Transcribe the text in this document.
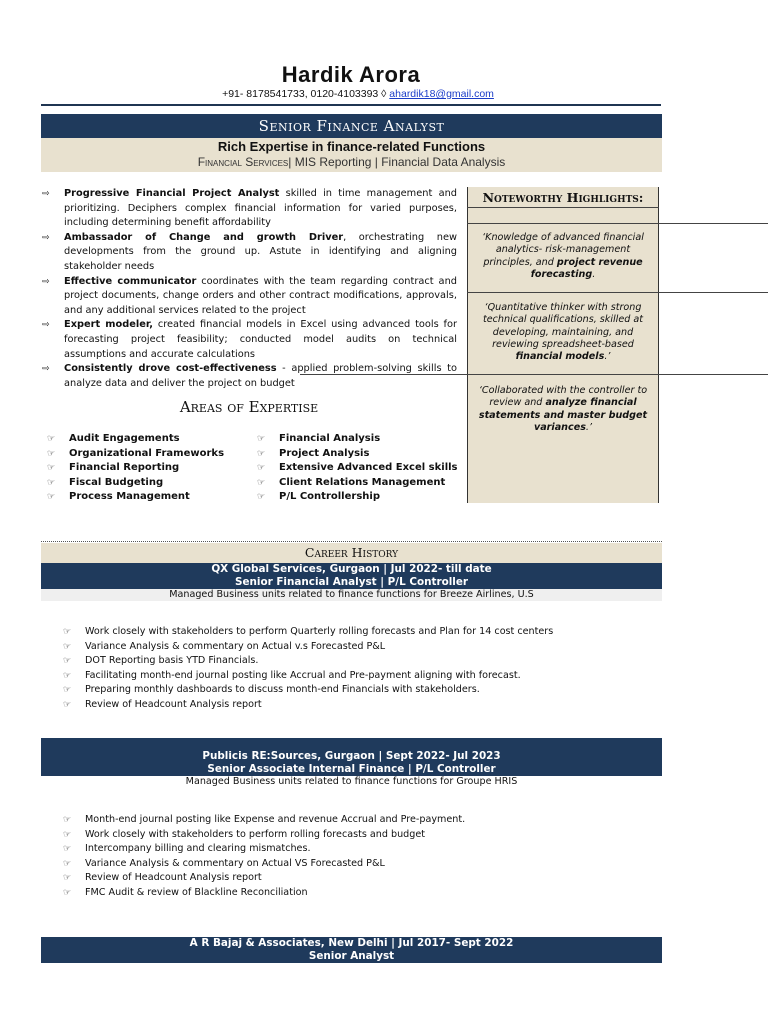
Hardik Arora
+91- 8178541733, 0120-4103393 ◊ ahardik18@gmail.com
Senior Finance Analyst
Rich Expertise in finance-related Functions
Financial Services| MIS Reporting | Financial Data Analysis
⇨ Progressive Financial Project Analyst skilled in time management and prioritizing. Deciphers complex financial information for varied purposes, including determining benefit affordability
⇨ Ambassador of Change and growth Driver, orchestrating new developments from the ground up. Astute in identifying and aligning stakeholder needs
⇨ Effective communicator coordinates with the team regarding contract and project documents, change orders and other contract modifications, approvals, and any additional services related to the project
⇨ Expert modeler, created financial models in Excel using advanced tools for forecasting project feasibility; conducted model audits on technical assumptions and accurate calculations
⇨ Consistently drove cost-effectiveness - applied problem-solving skills to analyze data and deliver the project on budget
Areas of Expertise
☞ Audit Engagements
☞ Organizational Frameworks
☞ Financial Reporting
☞ Fiscal Budgeting
☞ Process Management
☞ Financial Analysis
☞ Project Analysis
☞ Extensive Advanced Excel skills
☞ Client Relations Management
☞ P/L Controllership
Noteworthy Highlights:
‘Knowledge of advanced financial analytics- risk-management principles, and project revenue forecasting.
‘Quantitative thinker with strong technical qualifications, skilled at developing, maintaining, and reviewing spreadsheet-based financial models.’
‘Collaborated with the controller to review and analyze financial statements and master budget variances.’
Career History
QX Global Services, Gurgaon | Jul 2022- till date
Senior Financial Analyst | P/L Controller
Managed Business units related to finance functions for Breeze Airlines, U.S
☞ Work closely with stakeholders to perform Quarterly rolling forecasts and Plan for 14 cost centers
☞ Variance Analysis & commentary on Actual v.s Forecasted P&L
☞ DOT Reporting basis YTD Financials.
☞ Facilitating month-end journal posting like Accrual and Pre-payment aligning with forecast.
☞ Preparing monthly dashboards to discuss month-end Financials with stakeholders.
☞ Review of Headcount Analysis report
Publicis RE:Sources, Gurgaon | Sept 2022- Jul 2023
Senior Associate Internal Finance | P/L Controller
Managed Business units related to finance functions for Groupe HRIS
☞ Month-end journal posting like Expense and revenue Accrual and Pre-payment.
☞ Work closely with stakeholders to perform rolling forecasts and budget
☞ Intercompany billing and clearing mismatches.
☞ Variance Analysis & commentary on Actual VS Forecasted P&L
☞ Review of Headcount Analysis report
☞ FMC Audit & review of Blackline Reconciliation
A R Bajaj & Associates, New Delhi | Jul 2017- Sept 2022
Senior Analyst
